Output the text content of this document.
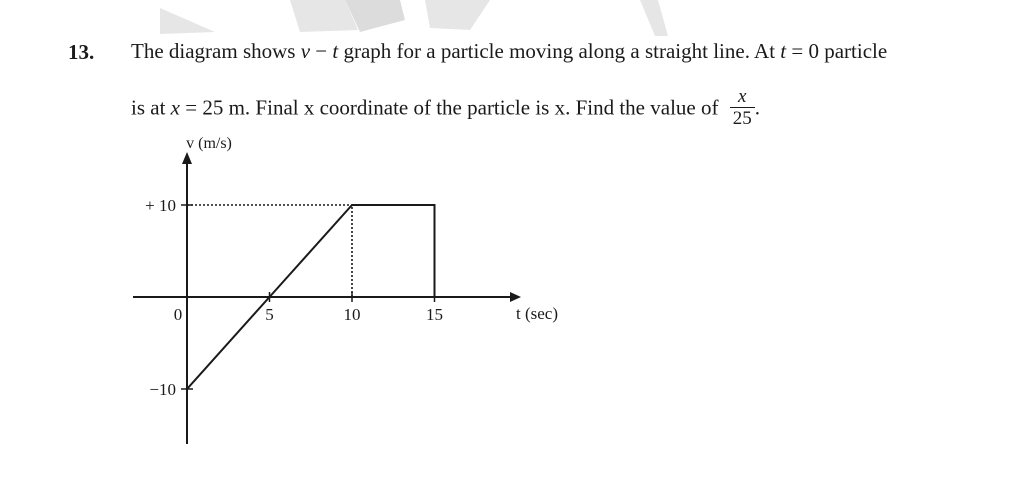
13. The diagram shows v − t graph for a particle moving along a straight line. At t = 0 particle
is at x = 25 m. Final x coordinate of the particle is x. Find the value of $\frac{x}{25}$ .
v (m/s)
t (sec)
0	5	10	15
+ 10
−10
